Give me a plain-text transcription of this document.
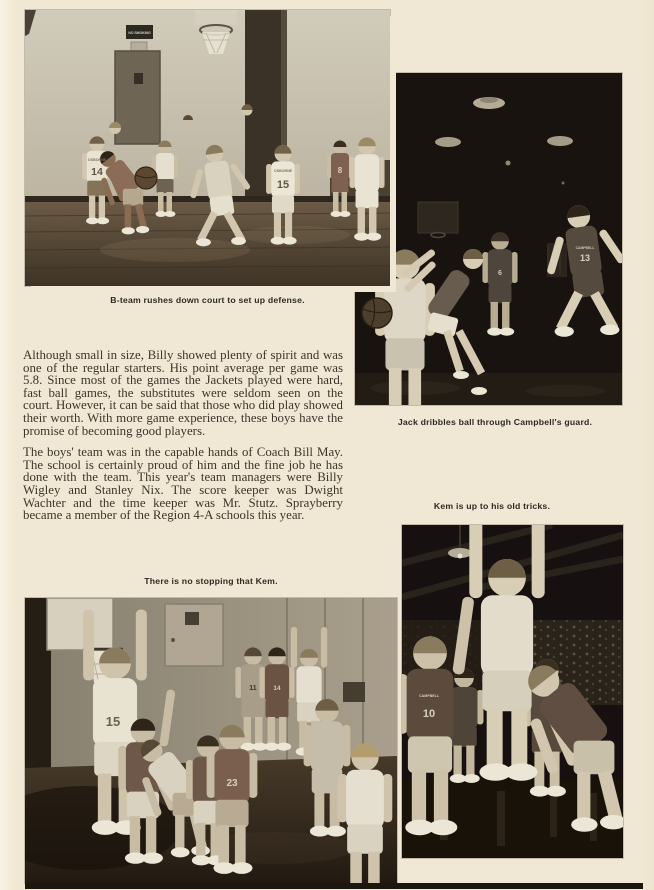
6
CAMPBELL
13
NO SMOKING
OSBORNE
14	OSBORNE
15
8
CAMPBELL
10
15
23
11	14
B-team rushes down court to set up defense.
Jack dribbles ball through Campbell's guard.
Kem is up to his old tricks.
There is no stopping that Kem.

Although small in size, Billy showed plenty of spirit and was one of the regular starters. His point average per game was 5.8. Since most of the games the Jackets played were hard, fast ball games, the substitutes were seldom seen on the court. However, it can be said that those who did play showed their worth. With more game experience, these boys have the promise of becoming good players.

The boys' team was in the capable hands of Coach Bill May. The school is certainly proud of him and the fine job he has done with the team. This year's team managers were Billy Wigley and Stanley Nix. The score keeper was Dwight Wachter and the time keeper was Mr. Stutz. Sprayberry became a member of the Region 4-A schools this year.
